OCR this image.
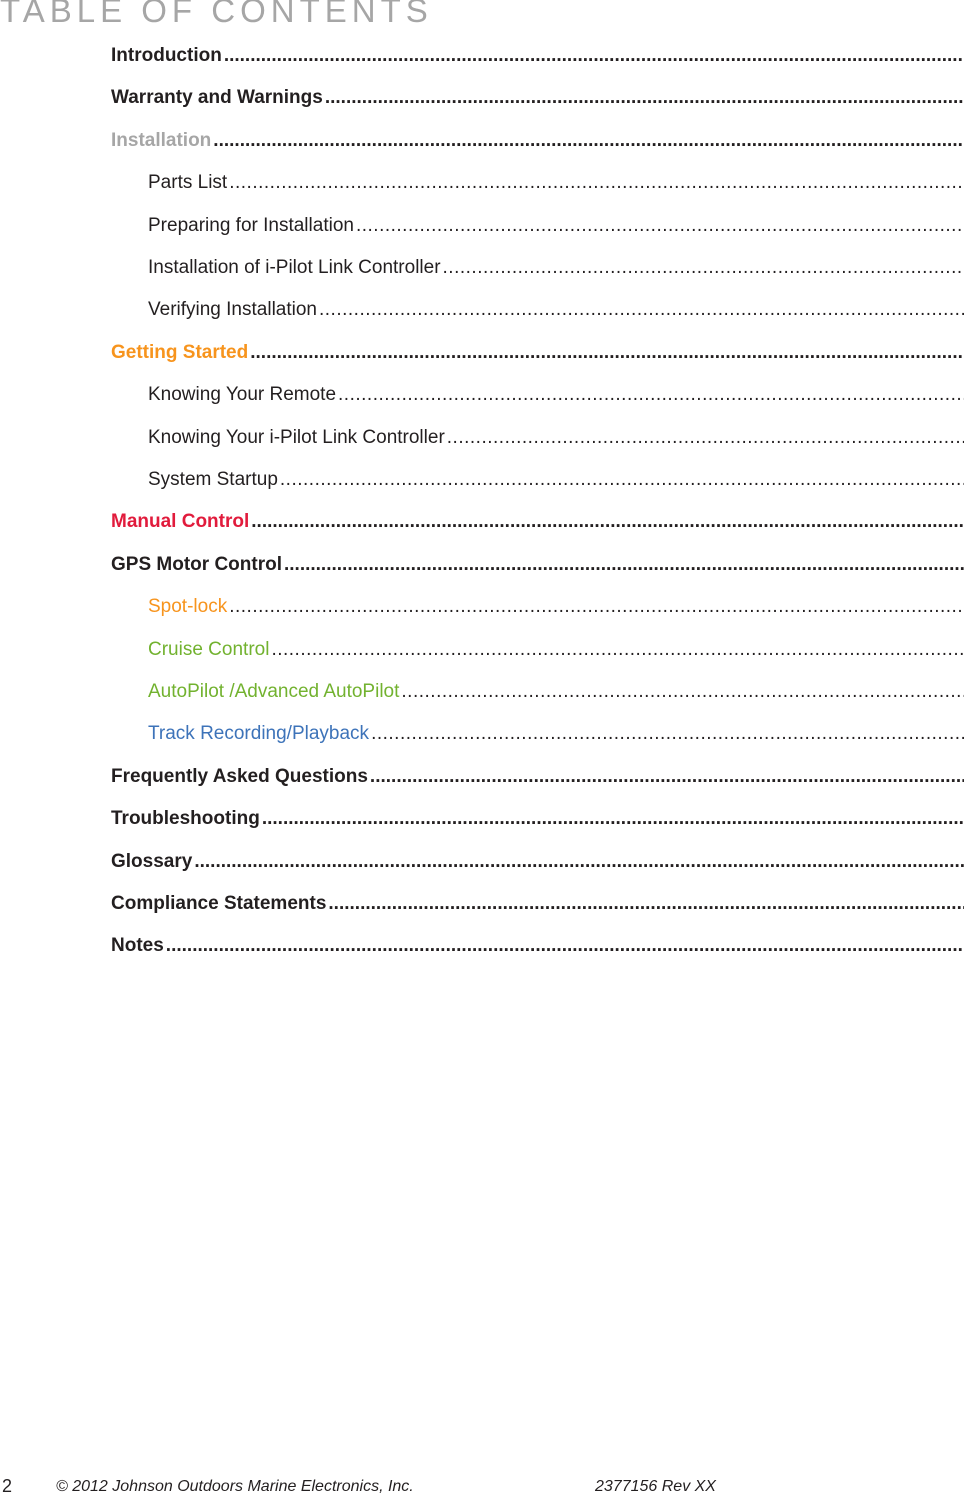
TABLE OF CONTENTS
Introduction
.....
Warranty and Warnings
.....
Installation
.....
Parts List
.....
Preparing for Installation
.....
Installation of i-Pilot Link Controller
.....
Verifying Installation
.....
Getting Started
.....
Knowing Your Remote
.....
Knowing Your i-Pilot Link Controller
.....
System Startup
.....
Manual Control
.....
GPS Motor Control
.....
Spot-lock
.....
Cruise Control
.....
AutoPilot /Advanced AutoPilot
.....
Track Recording/Playback
.....
Frequently Asked Questions
.....
Troubleshooting
.....
Glossary
.....
Compliance Statements
.....
Notes
.....
2	© 2012 Johnson Outdoors Marine Electronics, Inc.	2377156 Rev XX
